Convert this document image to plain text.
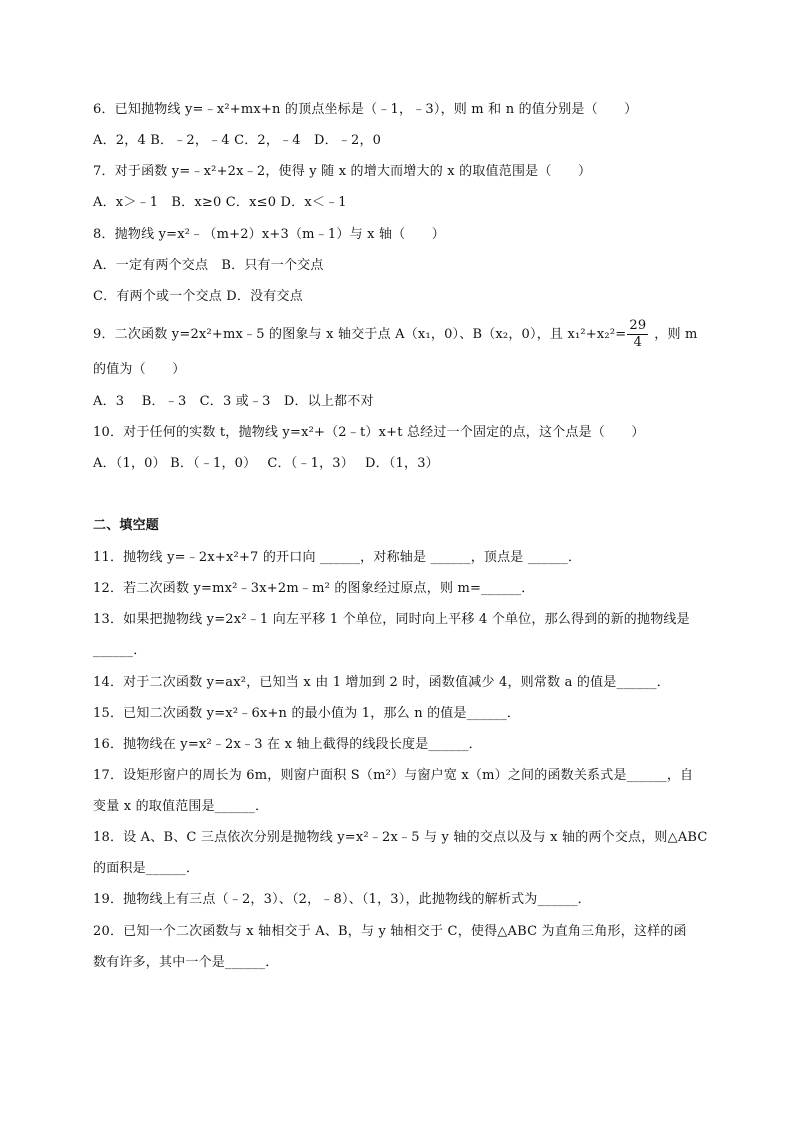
6．已知抛物线 y=﹣x²+mx+n 的顶点坐标是（﹣1，﹣3），则 m 和 n 的值分别是（　　）
A．2，4 B．﹣2，﹣4 C．2，﹣4　D．﹣2，0
7．对于函数 y=﹣x²+2x﹣2，使得 y 随 x 的增大而增大的 x 的取值范围是（　　）
A．x＞﹣1　B．x≥0 C．x≤0 D．x＜﹣1
8．抛物线 y=x²﹣（m+2）x+3（m﹣1）与 x 轴（　　）
A．一定有两个交点　B．只有一个交点
C．有两个或一个交点 D．没有交点
9．二次函数 y=2x²+mx﹣5 的图象与 x 轴交于点 A（x₁，0）、B（x₂，0），且 $x_1^2+x_2^2= \frac{29}{4}$ ，则 m
的值为（　　）
A．3　 B．﹣3　C．3 或﹣3　D．以上都不对
10．对于任何的实数 t，抛物线 y=x²+（2﹣t）x+t 总经过一个固定的点，这个点是（　　）
A．（1，0） B．（﹣1，0）　 C．（﹣1，3）　 D．（1，3）
二、填空题
11．抛物线 y=﹣2x+x²+7 的开口向 ______，对称轴是 ______，顶点是 ______．
12．若二次函数 y=mx²﹣3x+2m﹣m² 的图象经过原点，则 m=______．
13．如果把抛物线 y=2x²﹣1 向左平移 1 个单位，同时向上平移 4 个单位，那么得到的新的抛物线是
______．
14．对于二次函数 y=ax²，已知当 x 由 1 增加到 2 时，函数值减少 4，则常数 a 的值是______．
15．已知二次函数 y=x²﹣6x+n 的最小值为 1，那么 n 的值是______．
16．抛物线在 y=x²﹣2x﹣3 在 x 轴上截得的线段长度是______．
17．设矩形窗户的周长为 6m，则窗户面积 S（m²）与窗户宽 x（m）之间的函数关系式是______，自
变量 x 的取值范围是______．
18．设 A、B、C 三点依次分别是抛物线 y=x²﹣2x﹣5 与 y 轴的交点以及与 x 轴的两个交点，则△ABC
的面积是______．
19．抛物线上有三点（﹣2，3）、（2，﹣8）、（1，3），此抛物线的解析式为______．
20．已知一个二次函数与 x 轴相交于 A、B，与 y 轴相交于 C，使得△ABC 为直角三角形，这样的函
数有许多，其中一个是______．
